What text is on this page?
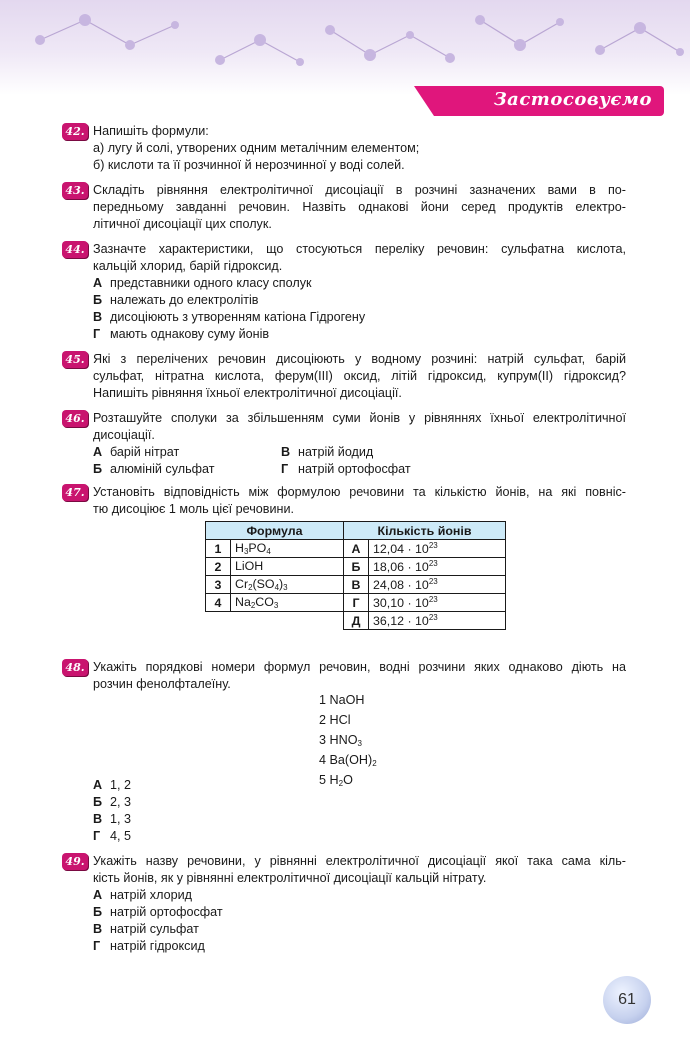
Застосовуємо
42. Напишіть формули:
а) лугу й солі, утворених одним металічним елементом;
б) кислоти та її розчинної й нерозчинної у воді солей.
43. Складіть рівняння електролітичної дисоціації в розчині зазначених вами в по-
передньому завданні речовин. Назвіть однакові йони серед продуктів електро-
літичної дисоціації цих сполук.
44. Зазначте характеристики, що стосуються переліку речовин: сульфатна кислота,
кальцій хлорид, барій гідроксид.
А представники одного класу сполук
Б належать до електролітів
В дисоціюють з утворенням катіона Гідрогену
Г мають однакову суму йонів
45. Які з перелічених речовин дисоціюють у водному розчині: натрій сульфат, барій
сульфат, нітратна кислота, ферум(ІІІ) оксид, літій гідроксид, купрум(ІІ) гідроксид?
Напишіть рівняння їхньої електролітичної дисоціації.
46. Розташуйте сполуки за збільшенням суми йонів у рівняннях їхньої електролітичної
дисоціації.
А барій нітрат
Б алюміній сульфат
В натрій йодид
Г натрій ортофосфат
47. Установіть відповідність між формулою речовини та кількістю йонів, на які повніс-
тю дисоціює 1 моль цієї речовини.
Формула		Кількість йонів	
1	$H_3PO_4$	А	$12,04 \cdot 10^{23}$
2	LiOH	Б	$18,06 \cdot 10^{23}$
3	$Cr_2(SO_4)_3$	В	$24,08 \cdot 10^{23}$
4	$Na_2CO_3$	Г	$30,10 \cdot 10^{23}$
		Д	$36,12 \cdot 10^{23}$
48. Укажіть порядкові номери формул речовин, водні розчини яких однаково діють на
розчин фенолфталеїну.
1 NaOH
2 HCl
3 $HNO_3$
4 $Ba(OH)_2$
5 $H_2O$
А 1, 2
Б 2, 3
В 1, 3
Г 4, 5
49. Укажіть назву речовини, у рівнянні електролітичної дисоціації якої така сама кіль-
кість йонів, як у рівнянні електролітичної дисоціації кальцій нітрату.
А натрій хлорид
Б натрій ортофосфат
В натрій сульфат
Г натрій гідроксид
61
